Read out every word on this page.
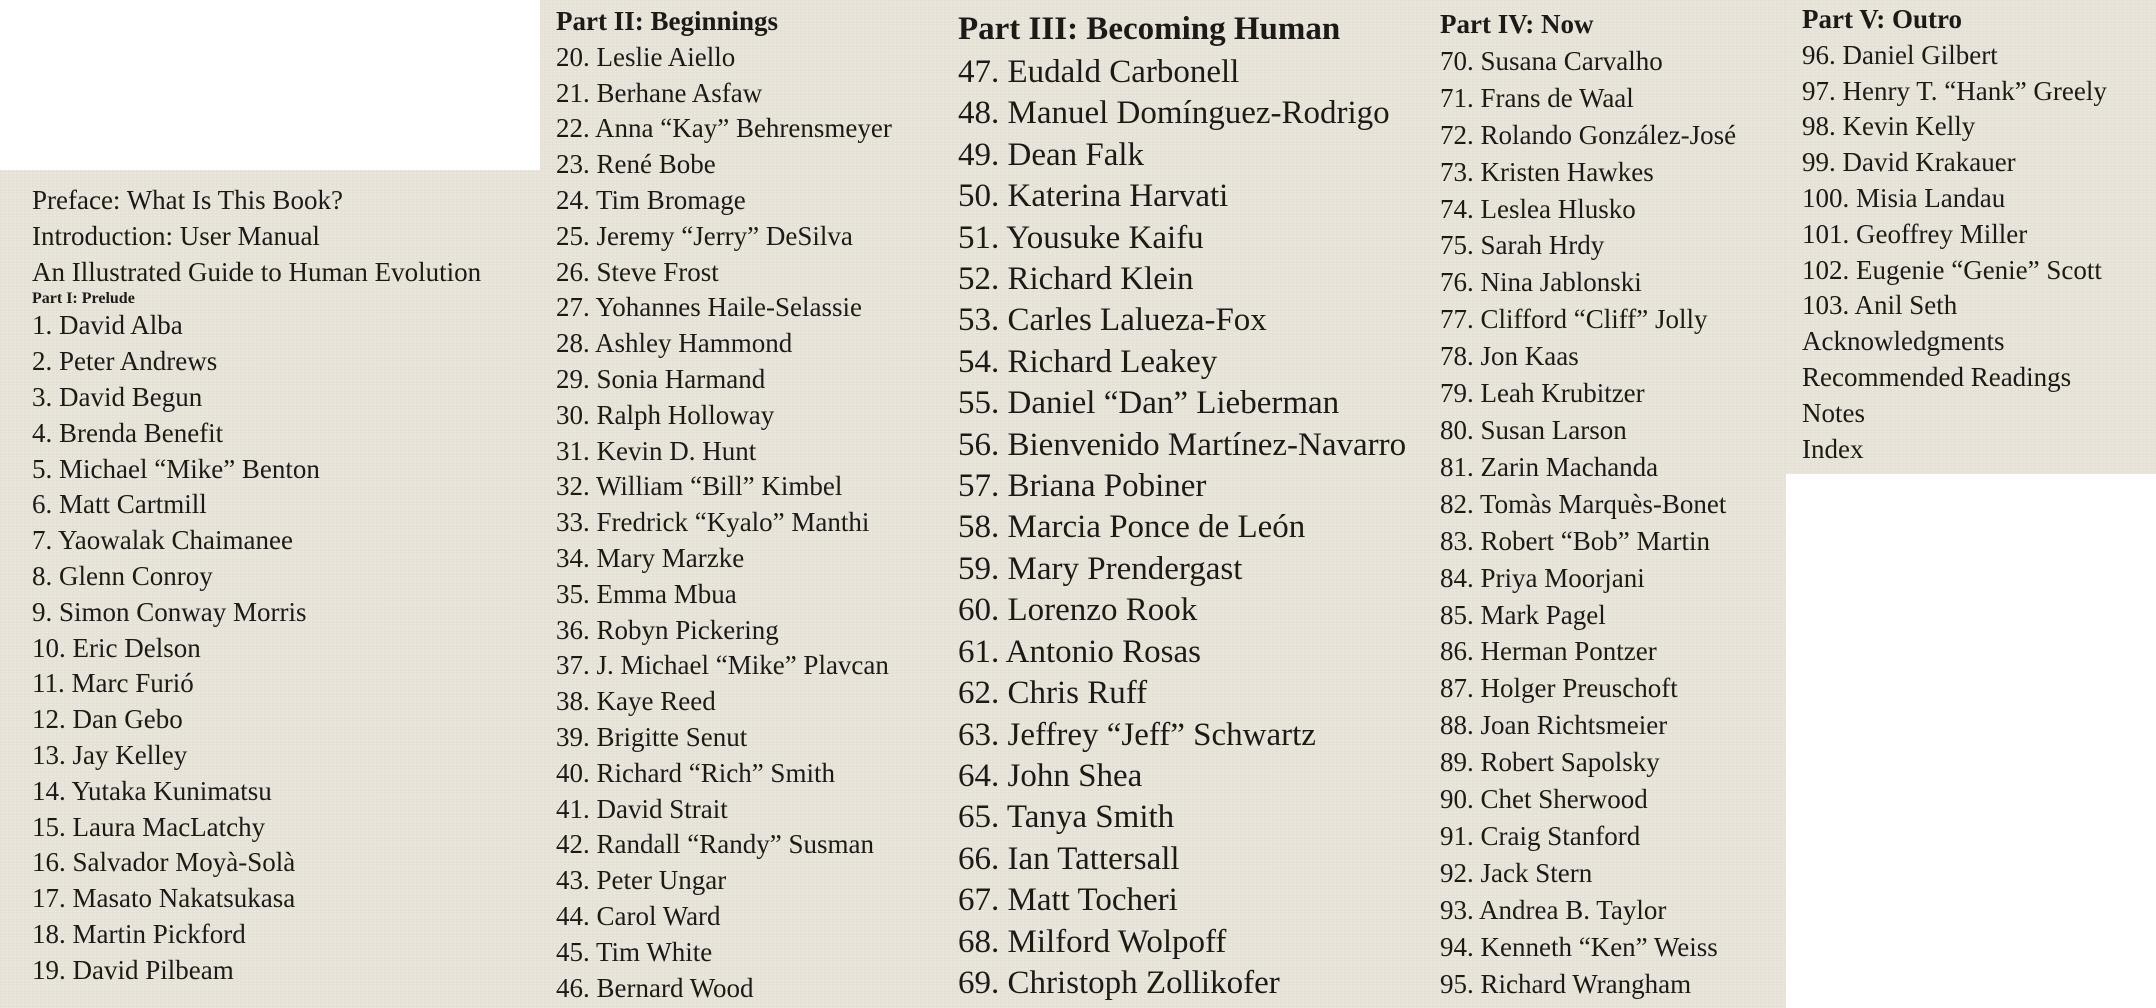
Preface: What Is This Book?
Introduction: User Manual
An Illustrated Guide to Human Evolution
Part I: Prelude
1. David Alba
2. Peter Andrews
3. David Begun
4. Brenda Benefit
5. Michael “Mike” Benton
6. Matt Cartmill
7. Yaowalak Chaimanee
8. Glenn Conroy
9. Simon Conway Morris
10. Eric Delson
11. Marc Furió
12. Dan Gebo
13. Jay Kelley
14. Yutaka Kunimatsu
15. Laura MacLatchy
16. Salvador Moyà-Solà
17. Masato Nakatsukasa
18. Martin Pickford
19. David Pilbeam
Part II: Beginnings
20. Leslie Aiello
21. Berhane Asfaw
22. Anna “Kay” Behrensmeyer
23. René Bobe
24. Tim Bromage
25. Jeremy “Jerry” DeSilva
26. Steve Frost
27. Yohannes Haile-Selassie
28. Ashley Hammond
29. Sonia Harmand
30. Ralph Holloway
31. Kevin D. Hunt
32. William “Bill” Kimbel
33. Fredrick “Kyalo” Manthi
34. Mary Marzke
35. Emma Mbua
36. Robyn Pickering
37. J. Michael “Mike” Plavcan
38. Kaye Reed
39. Brigitte Senut
40. Richard “Rich” Smith
41. David Strait
42. Randall “Randy” Susman
43. Peter Ungar
44. Carol Ward
45. Tim White
46. Bernard Wood
Part III: Becoming Human
47. Eudald Carbonell
48. Manuel Domínguez-Rodrigo
49. Dean Falk
50. Katerina Harvati
51. Yousuke Kaifu
52. Richard Klein
53. Carles Lalueza-Fox
54. Richard Leakey
55. Daniel “Dan” Lieberman
56. Bienvenido Martínez-Navarro
57. Briana Pobiner
58. Marcia Ponce de León
59. Mary Prendergast
60. Lorenzo Rook
61. Antonio Rosas
62. Chris Ruff
63. Jeffrey “Jeff” Schwartz
64. John Shea
65. Tanya Smith
66. Ian Tattersall
67. Matt Tocheri
68. Milford Wolpoff
69. Christoph Zollikofer
Part IV: Now
70. Susana Carvalho
71. Frans de Waal
72. Rolando González-José
73. Kristen Hawkes
74. Leslea Hlusko
75. Sarah Hrdy
76. Nina Jablonski
77. Clifford “Cliff” Jolly
78. Jon Kaas
79. Leah Krubitzer
80. Susan Larson
81. Zarin Machanda
82. Tomàs Marquès-Bonet
83. Robert “Bob” Martin
84. Priya Moorjani
85. Mark Pagel
86. Herman Pontzer
87. Holger Preuschoft
88. Joan Richtsmeier
89. Robert Sapolsky
90. Chet Sherwood
91. Craig Stanford
92. Jack Stern
93. Andrea B. Taylor
94. Kenneth “Ken” Weiss
95. Richard Wrangham
Part V: Outro
96. Daniel Gilbert
97. Henry T. “Hank” Greely
98. Kevin Kelly
99. David Krakauer
100. Misia Landau
101. Geoffrey Miller
102. Eugenie “Genie” Scott
103. Anil Seth
Acknowledgments
Recommended Readings
Notes
Index
